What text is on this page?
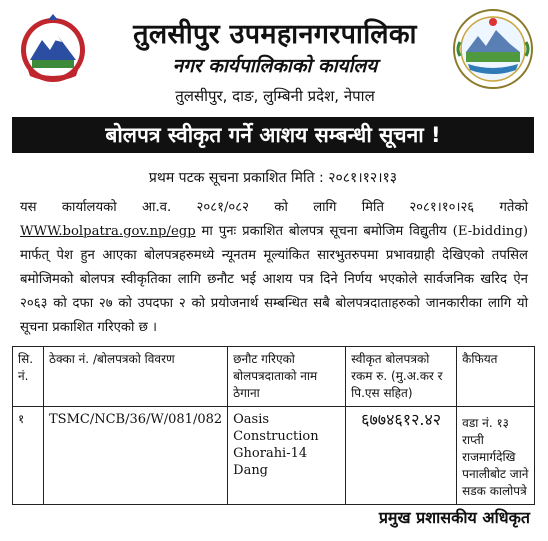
तुलसीपुर उपमहानगरपालिका
नगर कार्यपालिकाको कार्यालय
तुलसीपुर, दाङ, लुम्बिनी प्रदेश, नेपाल
बोलपत्र स्वीकृत गर्ने आशय सम्बन्धी सूचना !
प्रथम पटक सूचना प्रकाशित मिति : २०८१।१२।१३
यस कार्यालयको आ.व. २०८१/०८२ को लागि मिति २०८१।१०।२६ गतेको WWW.bolpatra.gov.np/egp मा पुनः प्रकाशित बोलपत्र सूचना बमोजिम विद्युतीय (E-bidding) मार्फत् पेश हुन आएका बोलपत्रहरुमध्ये न्यूनतम मूल्यांकित सारभुतरुपमा प्रभावग्राही देखिएको तपसिल बमोजिमको बोलपत्र स्वीकृतिका लागि छनौट भई आशय पत्र दिने निर्णय भएकोले सार्वजनिक खरिद ऐन २०६३ को दफा २७ को उपदफा २ को प्रयोजनार्थ सम्बन्धित सबै बोलपत्रदाताहरुको जानकारीका लागि यो सूचना प्रकाशित गरिएको छ ।
सि. नं.	ठेक्का नं. /बोलपत्रको विवरण	छनौट गरिएको बोलपत्रदाताको नाम ठेगाना	स्वीकृत बोलपत्रको रकम रु. (मु.अ.कर र पि.एस सहित)	कैफियत
१	TSMC/NCB/36/W/081/082	Oasis Construction Ghorahi-14 Dang	६७७४६१२.४२	वडा नं. १३ राप्ती राजमार्गदेखि पनालीबोट जाने सडक कालोपत्रे
प्रमुख प्रशासकीय अधिकृत
